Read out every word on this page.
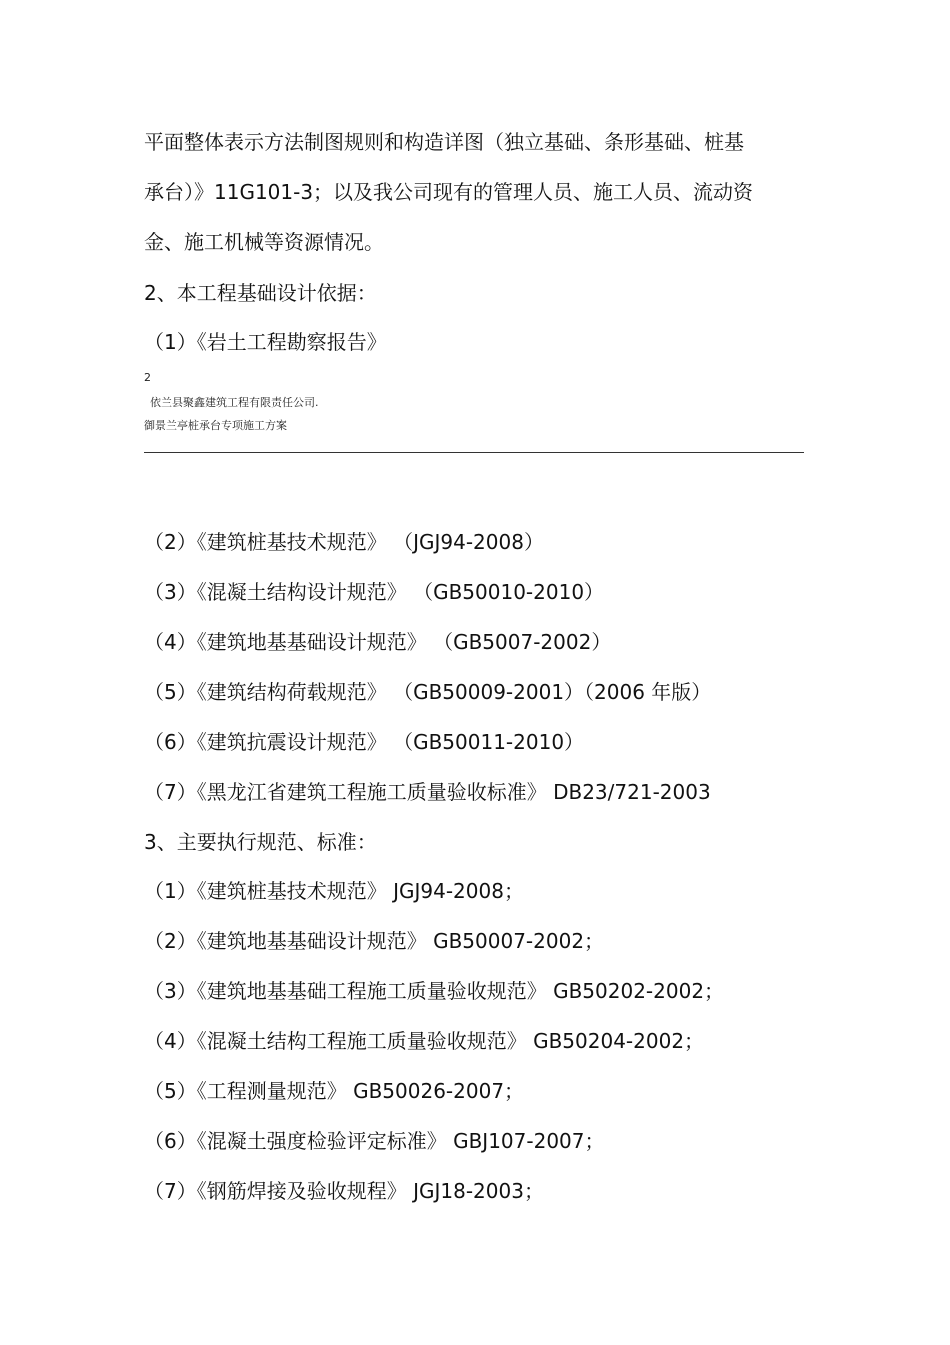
平面整体表示方法制图规则和构造详图（独立基础、条形基础、桩基
承台）》11G101-3；以及我公司现有的管理人员、施工人员、流动资
金、施工机械等资源情况。
2、本工程基础设计依据：
（1）《岩土工程勘察报告》
2
依兰县聚鑫建筑工程有限责任公司.
御景兰亭桩承台专项施工方案
（2）《建筑桩基技术规范》 （JGJ94-2008）
（3）《混凝土结构设计规范》 （GB50010-2010）
（4）《建筑地基基础设计规范》 （GB5007-2002）
（5）《建筑结构荷载规范》 （GB50009-2001）（2006 年版）
（6）《建筑抗震设计规范》 （GB50011-2010）
（7）《黑龙江省建筑工程施工质量验收标准》 DB23/721-2003
3、主要执行规范、标准：
（1）《建筑桩基技术规范》 JGJ94-2008；
（2）《建筑地基基础设计规范》 GB50007-2002；
（3）《建筑地基基础工程施工质量验收规范》 GB50202-2002；
（4）《混凝土结构工程施工质量验收规范》 GB50204-2002；
（5）《工程测量规范》 GB50026-2007；
（6）《混凝土强度检验评定标准》 GBJ107-2007；
（7）《钢筋焊接及验收规程》 JGJ18-2003；
